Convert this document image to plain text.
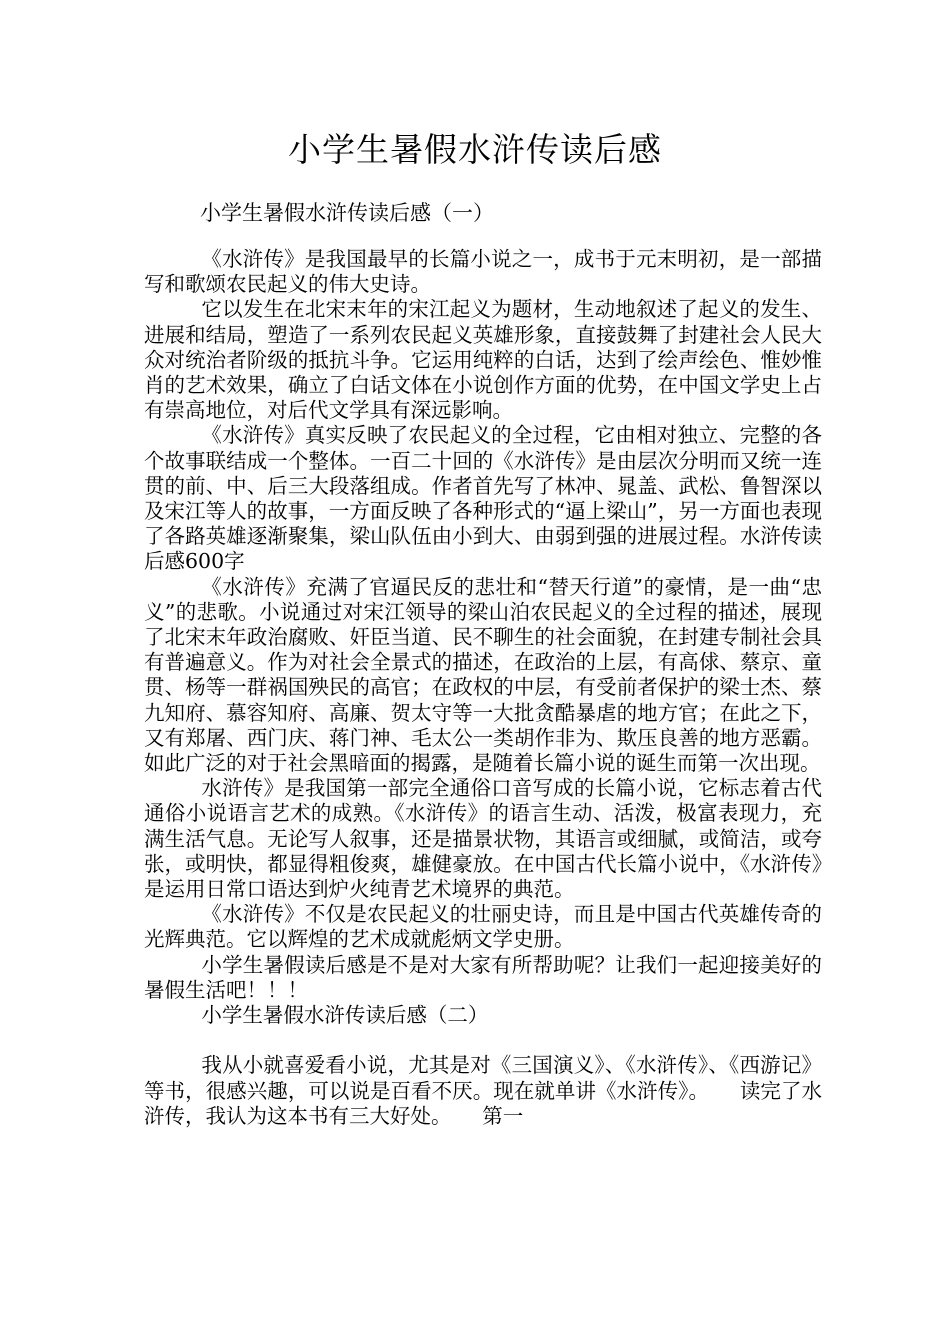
小学生暑假水浒传读后感
小学生暑假水浒传读后感（一）

《水浒传》是我国最早的长篇小说之一，成书于元末明初，是一部描写和歌颂农民起义的伟大史诗。

它以发生在北宋末年的宋江起义为题材，生动地叙述了起义的发生、进展和结局，塑造了一系列农民起义英雄形象，直接鼓舞了封建社会人民大众对统治者阶级的抵抗斗争。它运用纯粹的白话，达到了绘声绘色、惟妙惟肖的艺术效果，确立了白话文体在小说创作方面的优势，在中国文学史上占有崇高地位，对后代文学具有深远影响。

《水浒传》真实反映了农民起义的全过程，它由相对独立、完整的各个故事联结成一个整体。一百二十回的《水浒传》是由层次分明而又统一连贯的前、中、后三大段落组成。作者首先写了林冲、晁盖、武松、鲁智深以及宋江等人的故事，一方面反映了各种形式的“逼上梁山”，另一方面也表现了各路英雄逐渐聚集，梁山队伍由小到大、由弱到强的进展过程。水浒传读后感600字

《水浒传》充满了官逼民反的悲壮和“替天行道”的豪情，是一曲“忠义”的悲歌。小说通过对宋江领导的梁山泊农民起义的全过程的描述，展现了北宋末年政治腐败、奸臣当道、民不聊生的社会面貌，在封建专制社会具有普遍意义。作为对社会全景式的描述，在政治的上层，有高俅、蔡京、童贯、杨等一群祸国殃民的高官；在政权的中层，有受前者保护的梁士杰、蔡九知府、慕容知府、高廉、贺太守等一大批贪酷暴虐的地方官；在此之下，又有郑屠、西门庆、蒋门神、毛太公一类胡作非为、欺压良善的地方恶霸。如此广泛的对于社会黑暗面的揭露，是随着长篇小说的诞生而第一次出现。

水浒传》是我国第一部完全通俗口音写成的长篇小说，它标志着古代通俗小说语言艺术的成熟。《水浒传》的语言生动、活泼，极富表现力，充满生活气息。无论写人叙事，还是描景状物，其语言或细腻，或简洁，或夸张，或明快，都显得粗俊爽，雄健豪放。在中国古代长篇小说中，《水浒传》是运用日常口语达到炉火纯青艺术境界的典范。

《水浒传》不仅是农民起义的壮丽史诗，而且是中国古代英雄传奇的光辉典范。它以辉煌的艺术成就彪炳文学史册。

小学生暑假读后感是不是对大家有所帮助呢？让我们一起迎接美好的暑假生活吧！！！

小学生暑假水浒传读后感（二）

我从小就喜爱看小说，尤其是对《三国演义》、《水浒传》、《西游记》等书，很感兴趣，可以说是百看不厌。现在就单讲《水浒传》。　　读完了水浒传，我认为这本书有三大好处。　　第一
